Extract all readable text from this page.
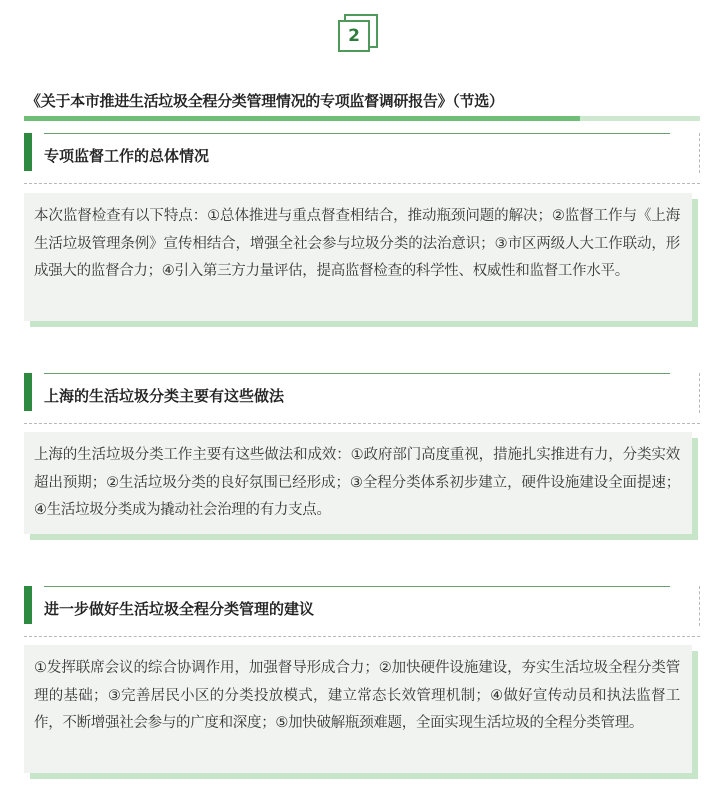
2
《关于本市推进生活垃圾全程分类管理情况的专项监督调研报告》（节选）
专项监督工作的总体情况

本次监督检查有以下特点：①总体推进与重点督查相结合，推动瓶颈问题的解决；②监督工作与《上海生活垃圾管理条例》宣传相结合，增强全社会参与垃圾分类的法治意识；③市区两级人大工作联动，形成强大的监督合力；④引入第三方力量评估，提高监督检查的科学性、权威性和监督工作水平。

上海的生活垃圾分类主要有这些做法

上海的生活垃圾分类工作主要有这些做法和成效：①政府部门高度重视，措施扎实推进有力，分类实效超出预期；②生活垃圾分类的良好氛围已经形成；③全程分类体系初步建立，硬件设施建设全面提速；④生活垃圾分类成为撬动社会治理的有力支点。

进一步做好生活垃圾全程分类管理的建议

①发挥联席会议的综合协调作用，加强督导形成合力；②加快硬件设施建设，夯实生活垃圾全程分类管理的基础；③完善居民小区的分类投放模式，建立常态长效管理机制；④做好宣传动员和执法监督工作，不断增强社会参与的广度和深度；⑤加快破解瓶颈难题，全面实现生活垃圾的全程分类管理。
